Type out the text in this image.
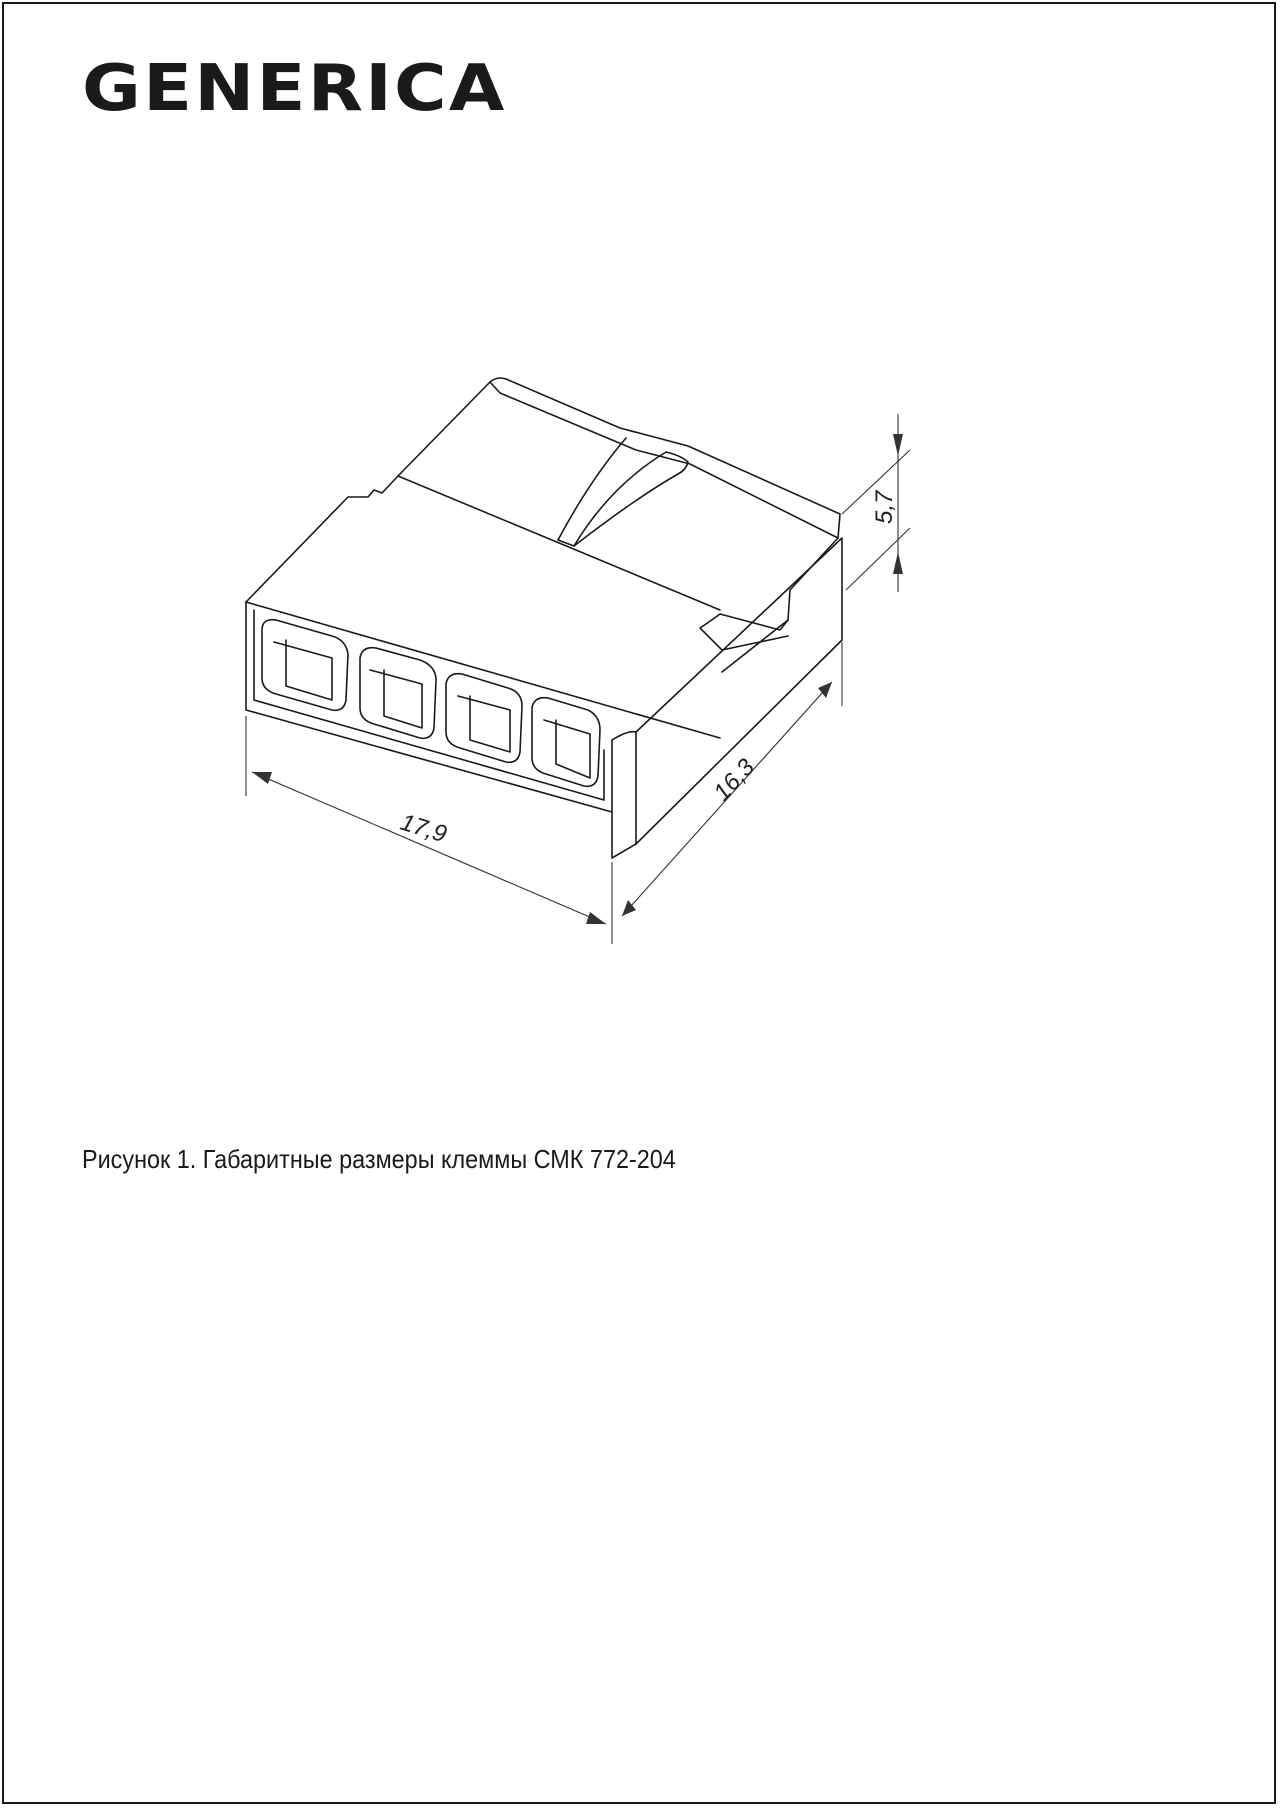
GENERICA
17,9
16,3
5,7
Рисунок 1. Габаритные размеры клеммы СМК 772-204
